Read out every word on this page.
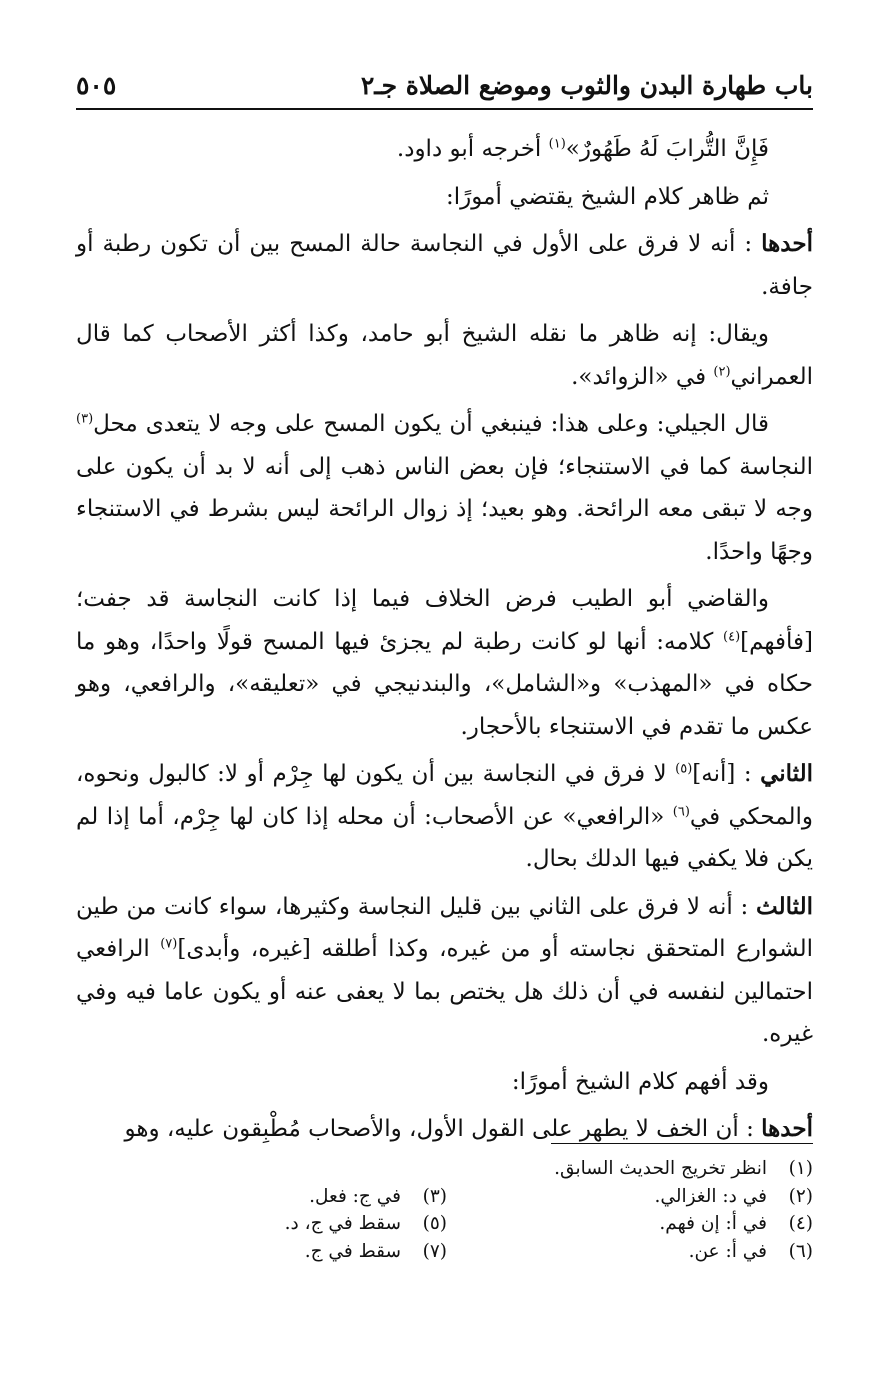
باب طهارة البدن والثوب وموضع الصلاة جـ٢
٥٠٥

فَإِنَّ التُّرابَ لَهُ طَهُورٌ»$^{(١)}$ أخرجه أبو داود.

ثم ظاهر كلام الشيخ يقتضي أمورًا:

أحدها : أنه لا فرق على الأول في النجاسة حالة المسح بين أن تكون رطبة أو جافة.

ويقال: إنه ظاهر ما نقله الشيخ أبو حامد، وكذا أكثر الأصحاب كما قال العمراني$^{(٢)}$ في «الزوائد».

قال الجيلي: وعلى هذا: فينبغي أن يكون المسح على وجه لا يتعدى محل$^{(٣)}$ النجاسة كما في الاستنجاء؛ فإن بعض الناس ذهب إلى أنه لا بد أن يكون على وجه لا تبقى معه الرائحة. وهو بعيد؛ إذ زوال الرائحة ليس بشرط في الاستنجاء وجهًا واحدًا.

والقاضي أبو الطيب فرض الخلاف فيما إذا كانت النجاسة قد جفت؛ [فأفهم]$^{(٤)}$ كلامه: أنها لو كانت رطبة لم يجزئ فيها المسح قولًا واحدًا، وهو ما حكاه في «المهذب» و«الشامل»، والبندنيجي في «تعليقه»، والرافعي، وهو عكس ما تقدم في الاستنجاء بالأحجار.

الثاني : [أنه]$^{(٥)}$ لا فرق في النجاسة بين أن يكون لها جِرْم أو لا: كالبول ونحوه، والمحكي في$^{(٦)}$ «الرافعي» عن الأصحاب: أن محله إذا كان لها جِرْم، أما إذا لم يكن فلا يكفي فيها الدلك بحال.

الثالث : أنه لا فرق على الثاني بين قليل النجاسة وكثيرها، سواء كانت من طين الشوارع المتحقق نجاسته أو من غيره، وكذا أطلقه [غيره، وأبدى]$^{(٧)}$ الرافعي احتمالين لنفسه في أن ذلك هل يختص بما لا يعفى عنه أو يكون عاما فيه وفي غيره.

وقد أفهم كلام الشيخ أمورًا:

أحدها : أن الخف لا يطهر على القول الأول، والأصحاب مُطْبِقون عليه، وهو

(١)
انظر تخريج الحديث السابق.
(٢)
في د: الغزالي.
(٣)
في ج: فعل.
(٤)
في أ: إن فهم.
(٥)
سقط في ج، د.
(٦)
في أ: عن.
(٧)
سقط في ج.
